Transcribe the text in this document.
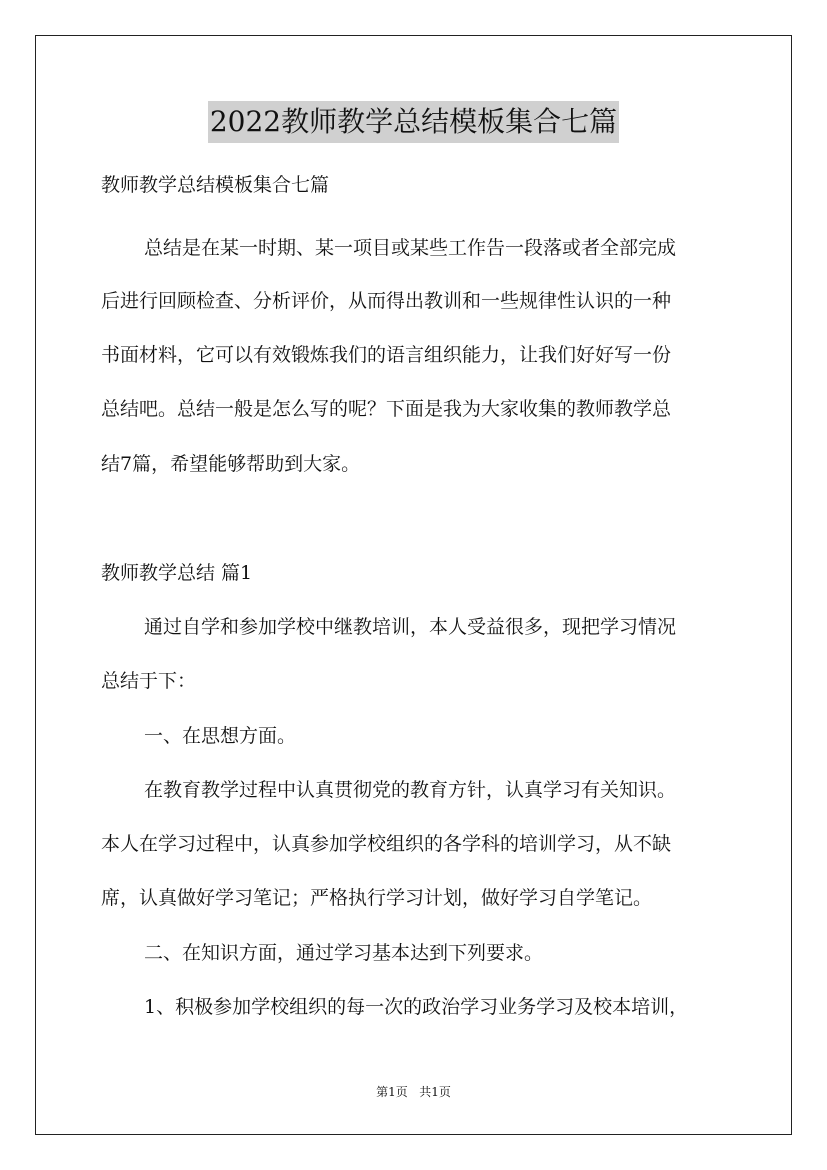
2022教师教学总结模板集合七篇
教师教学总结模板集合七篇
总结是在某一时期、某一项目或某些工作告一段落或者全部完成
后进行回顾检查、分析评价，从而得出教训和一些规律性认识的一种
书面材料，它可以有效锻炼我们的语言组织能力，让我们好好写一份
总结吧。总结一般是怎么写的呢？下面是我为大家收集的教师教学总
结7篇，希望能够帮助到大家。
教师教学总结 篇1
通过自学和参加学校中继教培训，本人受益很多，现把学习情况
总结于下：
一、在思想方面。
在教育教学过程中认真贯彻党的教育方针，认真学习有关知识。
本人在学习过程中，认真参加学校组织的各学科的培训学习，从不缺
席，认真做好学习笔记；严格执行学习计划，做好学习自学笔记。
二、在知识方面，通过学习基本达到下列要求。
1、积极参加学校组织的每一次的政治学习业务学习及校本培训，
第1页 共1页
